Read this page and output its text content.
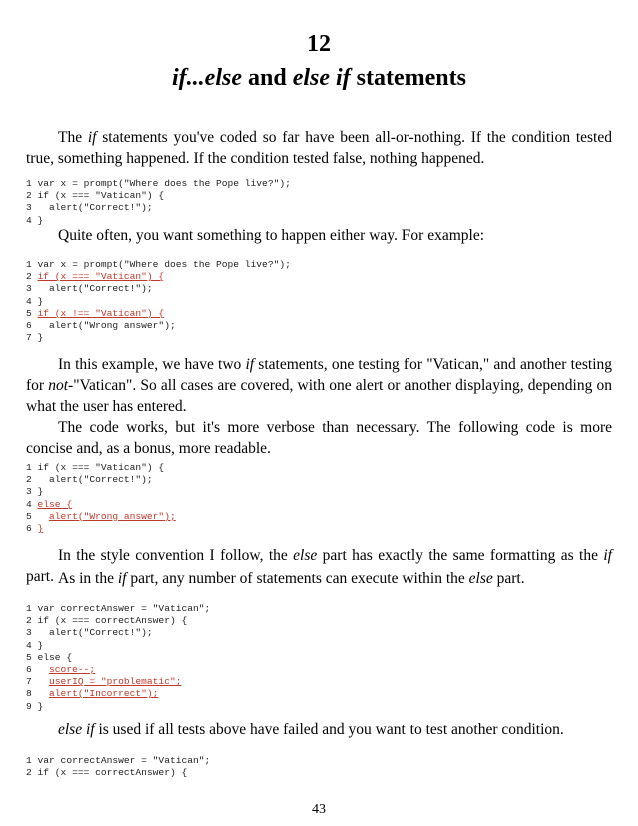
12
if...else and else if statements
The if statements you've coded so far have been all-or-nothing. If the condition tested true, something happened. If the condition tested false, nothing happened.
1 var x = prompt("Where does the Pope live?");
2 if (x === "Vatican") {
3 alert("Correct!");
4 }
Quite often, you want something to happen either way. For example:
1 var x = prompt("Where does the Pope live?");
2 if (x === "Vatican") {
3 alert("Correct!");
4 }
5 if (x !== "Vatican") {
6 alert("Wrong answer");
7 }
In this example, we have two if statements, one testing for "Vatican," and another testing for not-"Vatican". So all cases are covered, with one alert or another displaying, depending on what the user has entered.
The code works, but it's more verbose than necessary. The following code is more concise and, as a bonus, more readable.
1 if (x === "Vatican") {
2 alert("Correct!");
3 }
4 else {
5 alert("Wrong answer");
6 }
In the style convention I follow, the else part has exactly the same formatting as the if part. As in the if part, any number of statements can execute within the else part.
1 var correctAnswer = "Vatican";
2 if (x === correctAnswer) {
3 alert("Correct!");
4 }
5 else {
6 score--;
7 userIQ = "problematic";
8 alert("Incorrect");
9 }
else if is used if all tests above have failed and you want to test another condition.
1 var correctAnswer = "Vatican";
2 if (x === correctAnswer) {
43
